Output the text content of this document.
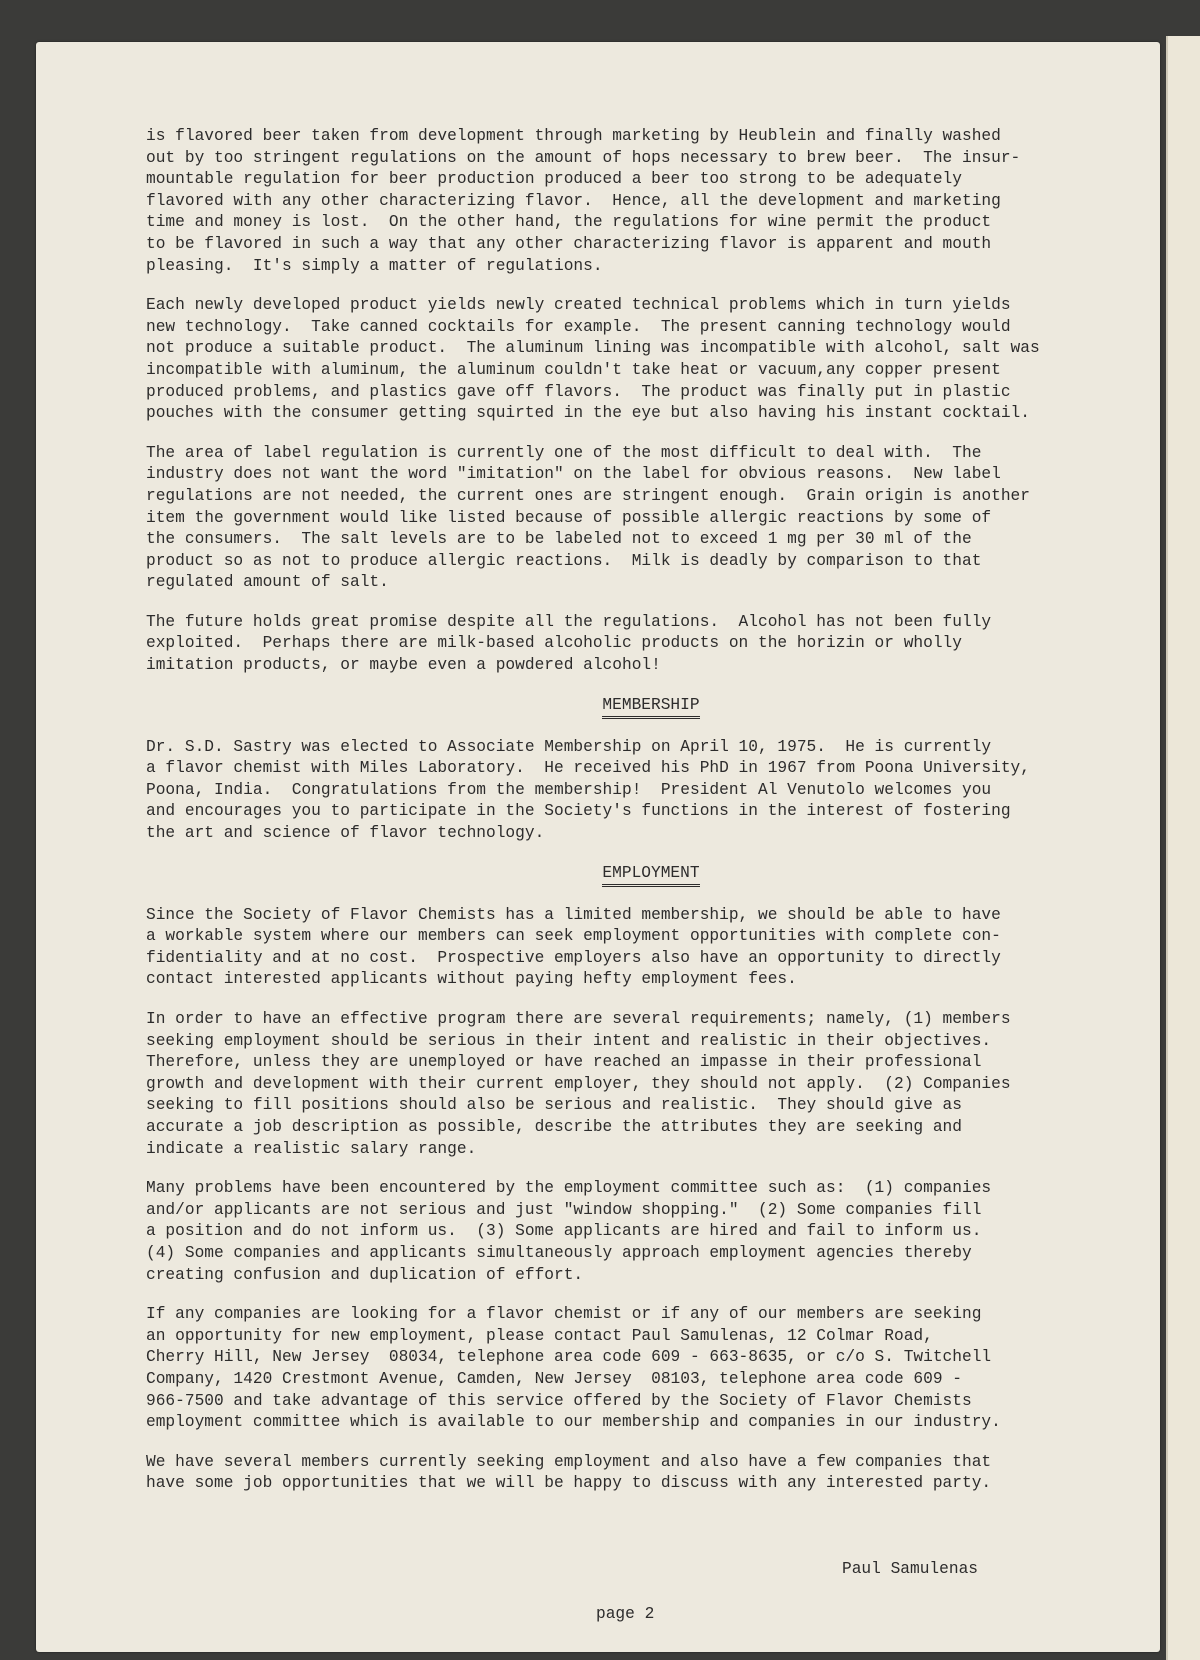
is flavored beer taken from development through marketing by Heublein and finally washed
out by too stringent regulations on the amount of hops necessary to brew beer.  The insur-
mountable regulation for beer production produced a beer too strong to be adequately
flavored with any other characterizing flavor.  Hence, all the development and marketing
time and money is lost.  On the other hand, the regulations for wine permit the product
to be flavored in such a way that any other characterizing flavor is apparent and mouth
pleasing.  It's simply a matter of regulations.

Each newly developed product yields newly created technical problems which in turn yields
new technology.  Take canned cocktails for example.  The present canning technology would
not produce a suitable product.  The aluminum lining was incompatible with alcohol, salt was
incompatible with aluminum, the aluminum couldn't take heat or vacuum,any copper present
produced problems, and plastics gave off flavors.  The product was finally put in plastic
pouches with the consumer getting squirted in the eye but also having his instant cocktail.

The area of label regulation is currently one of the most difficult to deal with.  The
industry does not want the word "imitation" on the label for obvious reasons.  New label
regulations are not needed, the current ones are stringent enough.  Grain origin is another
item the government would like listed because of possible allergic reactions by some of
the consumers.  The salt levels are to be labeled not to exceed 1 mg per 30 ml of the
product so as not to produce allergic reactions.  Milk is deadly by comparison to that
regulated amount of salt.

The future holds great promise despite all the regulations.  Alcohol has not been fully
exploited.  Perhaps there are milk-based alcoholic products on the horizin or wholly
imitation products, or maybe even a powdered alcohol!

MEMBERSHIP

Dr. S.D. Sastry was elected to Associate Membership on April 10, 1975.  He is currently
a flavor chemist with Miles Laboratory.  He received his PhD in 1967 from Poona University,
Poona, India.  Congratulations from the membership!  President Al Venutolo welcomes you
and encourages you to participate in the Society's functions in the interest of fostering
the art and science of flavor technology.

EMPLOYMENT

Since the Society of Flavor Chemists has a limited membership, we should be able to have
a workable system where our members can seek employment opportunities with complete con-
fidentiality and at no cost.  Prospective employers also have an opportunity to directly
contact interested applicants without paying hefty employment fees.

In order to have an effective program there are several requirements; namely, (1) members
seeking employment should be serious in their intent and realistic in their objectives.
Therefore, unless they are unemployed or have reached an impasse in their professional
growth and development with their current employer, they should not apply.  (2) Companies
seeking to fill positions should also be serious and realistic.  They should give as
accurate a job description as possible, describe the attributes they are seeking and
indicate a realistic salary range.

Many problems have been encountered by the employment committee such as:  (1) companies
and/or applicants are not serious and just "window shopping."  (2) Some companies fill
a position and do not inform us.  (3) Some applicants are hired and fail to inform us.
(4) Some companies and applicants simultaneously approach employment agencies thereby
creating confusion and duplication of effort.

If any companies are looking for a flavor chemist or if any of our members are seeking
an opportunity for new employment, please contact Paul Samulenas, 12 Colmar Road,
Cherry Hill, New Jersey  08034, telephone area code 609 - 663-8635, or c/o S. Twitchell
Company, 1420 Crestmont Avenue, Camden, New Jersey  08103, telephone area code 609 -
966-7500 and take advantage of this service offered by the Society of Flavor Chemists
employment committee which is available to our membership and companies in our industry.

We have several members currently seeking employment and also have a few companies that
have some job opportunities that we will be happy to discuss with any interested party.

Paul Samulenas
page 2
